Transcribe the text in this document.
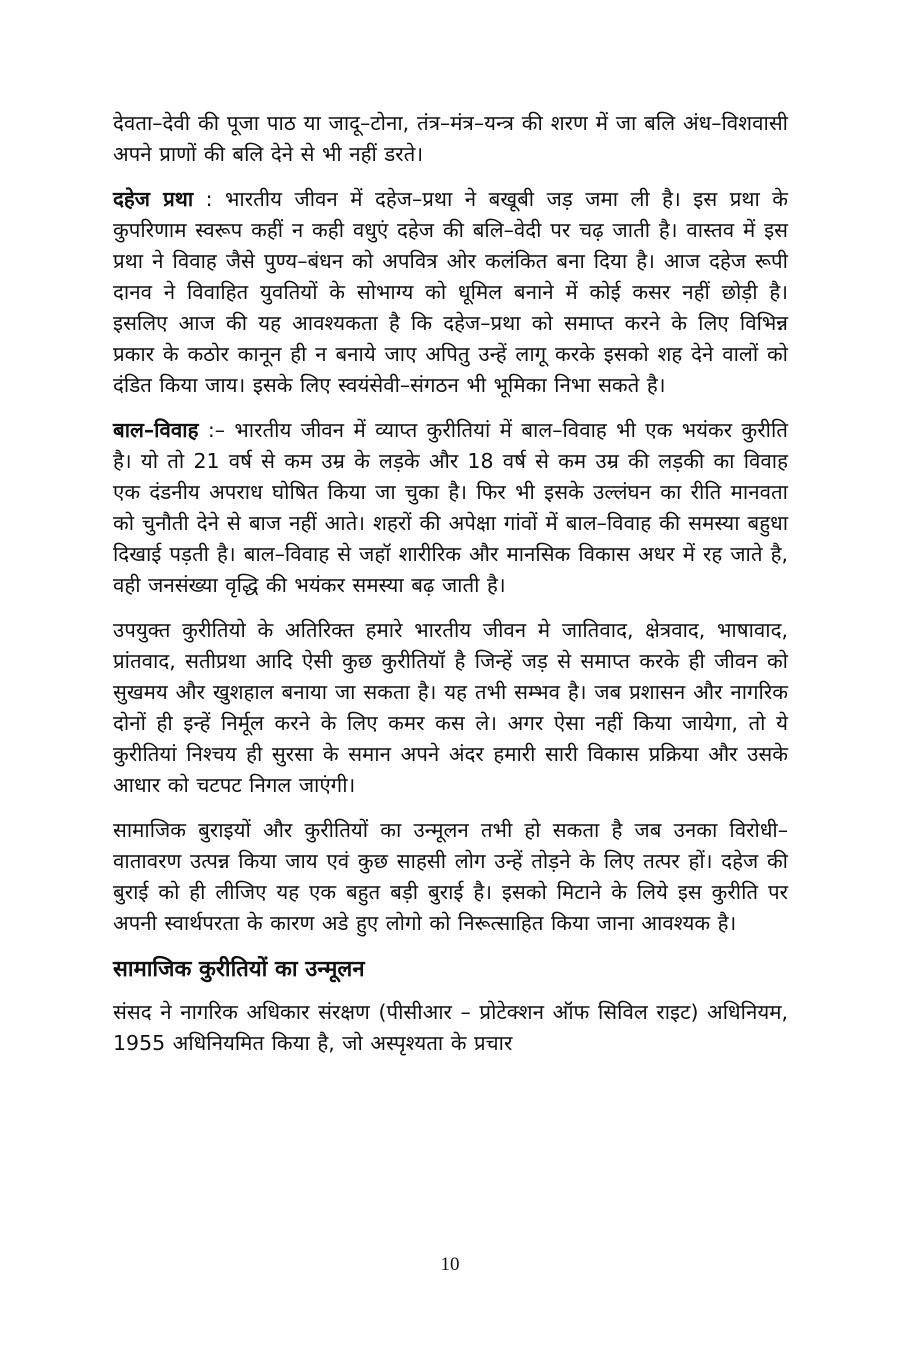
देवता–देवी की पूजा पाठ या जादू–टोना, तंत्र–मंत्र–यन्त्र की शरण में जा बलि अंध–विशवासी अपने प्राणों की बलि देने से भी नहीं डरते।

दहेज प्रथा : भारतीय जीवन में दहेज–प्रथा ने बखूबी जड़ जमा ली है। इस प्रथा के कुपरिणाम स्वरूप कहीं न कही वधुएं दहेज की बलि–वेदी पर चढ़ जाती है। वास्तव में इस प्रथा ने विवाह जैसे पुण्य–बंधन को अपवित्र ओर कलंकित बना दिया है। आज दहेज रूपी दानव ने विवाहित युवतियों के सोभाग्य को धूमिल बनाने में कोई कसर नहीं छोड़ी है। इसलिए आज की यह आवश्यकता है कि दहेज–प्रथा को समाप्त करने के लिए विभिन्न प्रकार के कठोर कानून ही न बनाये जाए अपितु उन्हें लागू करके इसको शह देने वालों को दंडित किया जाय। इसके लिए स्वयंसेवी–संगठन भी भूमिका निभा सकते है।

बाल–विवाह :– भारतीय जीवन में व्याप्त कुरीतियां में बाल–विवाह भी एक भयंकर कुरीति है। यो तो 21 वर्ष से कम उम्र के लड़के और 18 वर्ष से कम उम्र की लड़की का विवाह एक दंडनीय अपराध घोषित किया जा चुका है। फिर भी इसके उल्लंघन का रीति मानवता को चुनौती देने से बाज नहीं आते। शहरों की अपेक्षा गांवों में बाल–विवाह की समस्या बहुधा दिखाई पड़ती है। बाल–विवाह से जहॉ शारीरिक और मानसिक विकास अधर में रह जाते है, वही जनसंख्या वृद्धि की भयंकर समस्या बढ़ जाती है।

उपयुक्त कुरीतियो के अतिरिक्त हमारे भारतीय जीवन मे जातिवाद, क्षेत्रवाद, भाषावाद, प्रांतवाद, सतीप्रथा आदि ऐसी कुछ कुरीतियॉ है जिन्हें जड़ से समाप्त करके ही जीवन को सुखमय और खुशहाल बनाया जा सकता है। यह तभी सम्भव है। जब प्रशासन और नागरिक दोनों ही इन्हें निर्मूल करने के लिए कमर कस ले। अगर ऐसा नहीं किया जायेगा, तो ये कुरीतियां निश्चय ही सुरसा के समान अपने अंदर हमारी सारी विकास प्रक्रिया और उसके आधार को चटपट निगल जाएंगी।

सामाजिक बुराइयों और कुरीतियों का उन्मूलन तभी हो सकता है जब उनका विरोधी–वातावरण उत्पन्न किया जाय एवं कुछ साहसी लोग उन्हें तोड़ने के लिए तत्पर हों। दहेज की बुराई को ही लीजिए यह एक बहुत बड़ी बुराई है। इसको मिटाने के लिये इस कुरीति पर अपनी स्वार्थपरता के कारण अडे हुए लोगो को निरूत्साहित किया जाना आवश्यक है।

सामाजिक कुरीतियों का उन्मूलन

संसद ने नागरिक अधिकार संरक्षण (पीसीआर – प्रोटेक्शन ऑफ सिविल राइट) अधिनियम, 1955 अधिनियमित किया है, जो अस्पृश्यता के प्रचार

10
